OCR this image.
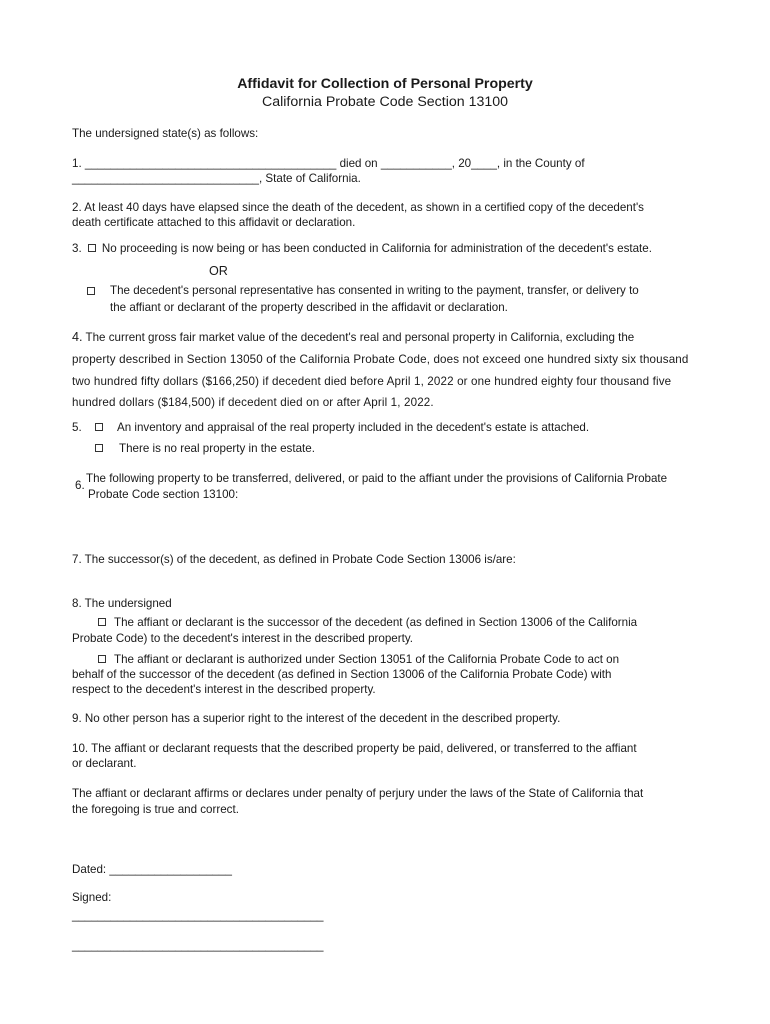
Affidavit for Collection of Personal Property
California Probate Code Section 13100
The undersigned state(s) as follows:
1. _______________________________________ died on ___________, 20____, in the County of
_____________________________, State of California.
2. At least 40 days have elapsed since the death of the decedent, as shown in a certified copy of the decedent's
death certificate attached to this affidavit or declaration.
3. No proceeding is now being or has been conducted in California for administration of the decedent's estate.
OR
The decedent's personal representative has consented in writing to the payment, transfer, or delivery to
the affiant or declarant of the property described in the affidavit or declaration.
4. The current gross fair market value of the decedent's real and personal property in California, excluding the
property described in Section 13050 of the California Probate Code, does not exceed one hundred sixty six thousand
two hundred fifty dollars ($166,250) if decedent died before April 1, 2022 or one hundred eighty four thousand five
hundred dollars ($184,500) if decedent died on or after April 1, 2022.
5.	An inventory and appraisal of the real property included in the decedent's estate is attached.
There is no real property in the estate.
6.
The following property to be transferred, delivered, or paid to the affiant under the provisions of California Probate
Probate Code section 13100:
7. The successor(s) of the decedent, as defined in Probate Code Section 13006 is/are:
8. The undersigned
The affiant or declarant is the successor of the decedent (as defined in Section 13006 of the California
Probate Code) to the decedent's interest in the described property.
The affiant or declarant is authorized under Section 13051 of the California Probate Code to act on
behalf of the successor of the decedent (as defined in Section 13006 of the California Probate Code) with
respect to the decedent's interest in the described property.
9. No other person has a superior right to the interest of the decedent in the described property.
10. The affiant or declarant requests that the described property be paid, delivered, or transferred to the affiant
or declarant.
The affiant or declarant affirms or declares under penalty of perjury under the laws of the State of California that
the foregoing is true and correct.
Dated: ___________________
Signed:
_______________________________________
_______________________________________
